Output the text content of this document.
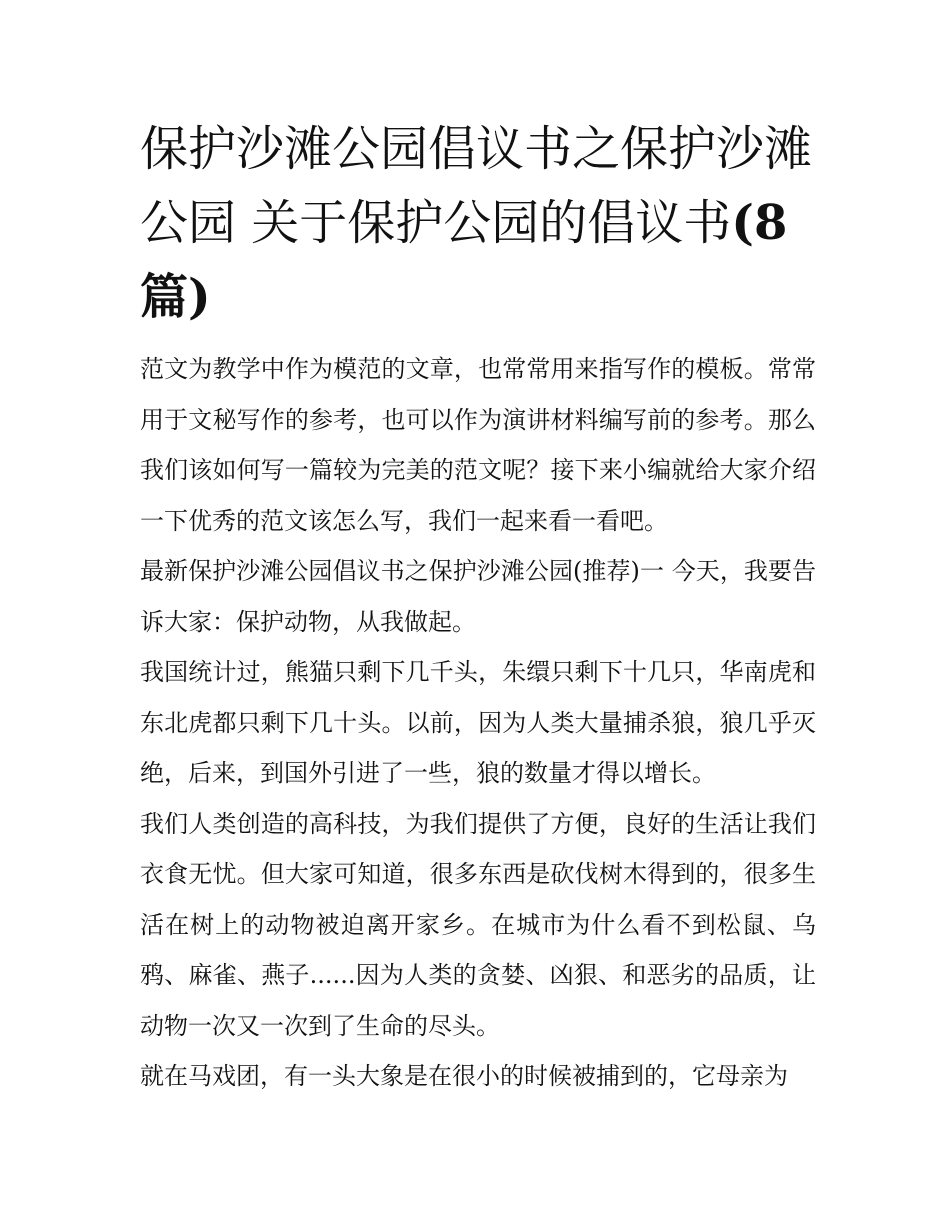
保护沙滩公园倡议书之保护沙滩公园 关于保护公园的倡议书(8 篇)

范文为教学中作为模范的文章，也常常用来指写作的模板。常常用于文秘写作的参考，也可以作为演讲材料编写前的参考。那么我们该如何写一篇较为完美的范文呢？接下来小编就给大家介绍一下优秀的范文该怎么写，我们一起来看一看吧。

最新保护沙滩公园倡议书之保护沙滩公园(推荐)一 今天，我要告诉大家：保护动物，从我做起。

我国统计过，熊猫只剩下几千头，朱缳只剩下十几只，华南虎和东北虎都只剩下几十头。以前，因为人类大量捕杀狼，狼几乎灭绝，后来，到国外引进了一些，狼的数量才得以增长。

我们人类创造的高科技，为我们提供了方便，良好的生活让我们衣食无忧。但大家可知道，很多东西是砍伐树木得到的，很多生活在树上的动物被迫离开家乡。在城市为什么看不到松鼠、乌鸦、麻雀、燕子......因为人类的贪婪、凶狠、和恶劣的品质，让动物一次又一次到了生命的尽头。

就在马戏团，有一头大象是在很小的时候被捕到的，它母亲为
